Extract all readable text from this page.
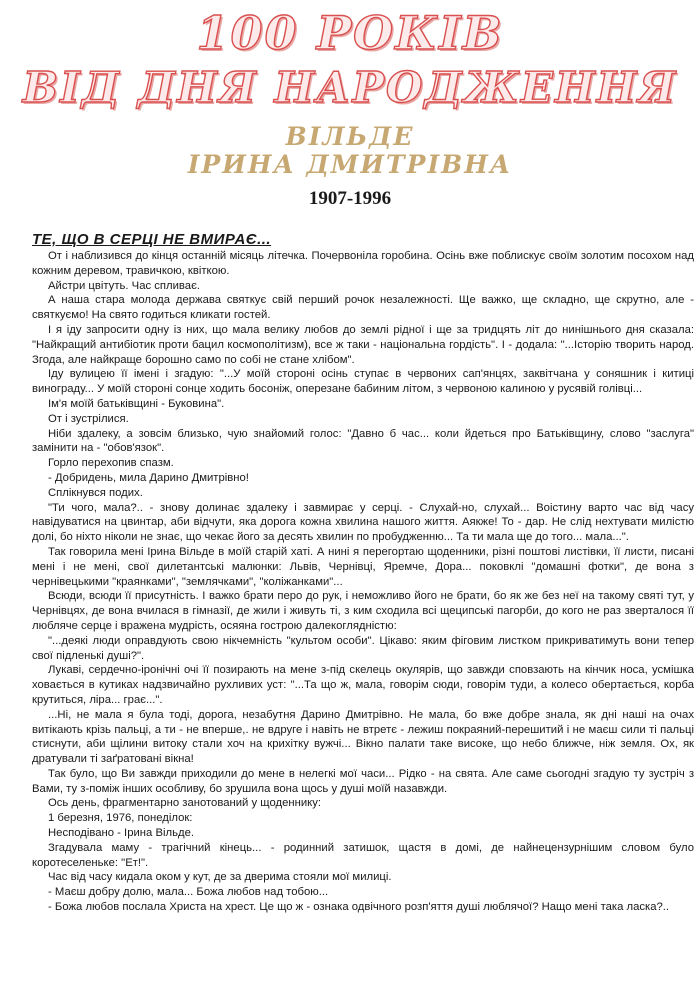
100 РОКІВ
ВІД ДНЯ НАРОДЖЕННЯ
ВІЛЬДЕ
ІРИНА ДМИТРІВНА
1907-1996
ТЕ, ЩО В СЕРЦІ НЕ ВМИРАЄ...

От і наблизився до кінця останній місяць літечка. Почервоніла горобина. Осінь вже поблискує своїм золотим посохом над кожним деревом, травичкою, квіткою.

Айстри цвітуть. Час спливає.

А наша стара молода держава святкує свій перший рочок незалежності. Ще важко, ще складно, ще скрутно, але - святкуємо! На свято годиться кликати гостей.

І я іду запросити одну із них, що мала велику любов до землі рідної і ще за тридцять літ до нинішнього дня сказала: "Найкращий антибіотик проти бацил космополітизм), все ж таки - національна гордість". І - додала: "...Історію творить народ. Згода, але найкраще борошно само по собі не стане хлібом".

Іду вулицею її імені і згадую: "...У моїй стороні осінь ступає в червоних сап'янцях, заквітчана у соняшник і китиці винограду... У моїй стороні сонце ходить босоніж, оперезане бабиним літом, з червоною калиною у русявій голівці...

Ім'я моїй батьківщині - Буковина".

От і зустрілися.

Ніби здалеку, а зовсім близько, чую знайомий голос: "Давно б час... коли йдеться про Батьківщину, слово "заслуга" замінити на - "обов'язок".

Горло перехопив спазм.

- Добридень, мила Дарино Дмитрівно!

Сплікнувся подих.

"Ти чого, мала?.. - знову долинає здалеку і завмирає у серці. - Слухай-но, слухай... Воістину варто час від часу навідуватися на цвинтар, аби відчути, яка дорога кожна хвилина нашого життя. Аякже! То - дар. Не слід нехтувати милістю долі, бо ніхто ніколи не знає, що чекає його за десять хвилин по пробудженню... Та ти мала ще до того... мала...".

Так говорила мені Ірина Вільде в моїй старій хаті. А нині я перегортаю щоденники, різні поштові листівки, її листи, писані мені і не мені, свої дилетантські малюнки: Львів, Чернівці, Яремче, Дора... поковклі "домашні фотки", де вона з чернівецькими "краянками", "землячками", "коліжанками"...

Всюди, всюди її присутність. І важко брати перо до рук, і неможливо його не брати, бо як же без неї на такому святі тут, у Чернівцях, де вона вчилася в гімназії, де жили і живуть ті, з ким сходила всі щеципські пагорби, до кого не раз зверталося її любляче серце і вражена мудрість, осяяна гострою далекоглядністю:

"...деякі люди оправдують свою нікчемність "культом особи". Цікаво: яким фіговим листком прикриватимуть вони тепер свої підленькі душі?".

Лукаві, сердечно-іронічні очі її позирають на мене з-під скелець окулярів, що завжди сповзають на кінчик носа, усмішка ховається в кутиках надзвичайно рухливих уст: "...Та що ж, мала, говорім сюди, говорім туди, а колесо обертається, корба крутиться, ліра... грає...".

...Ні, не мала я була тоді, дорога, незабутня Дарино Дмитрівно. Не мала, бо вже добре знала, як дні наші на очах витікають крізь пальці, а ти - не вперше,. не вдруге і навіть не втретє - лежиш покраяний-перешитий і не маєш сили ті пальці стиснути, аби щілини витоку стали хоч на крихітку вужчі... Вікно палати таке високе, що небо ближче, ніж земля. Ох, як дратували ті заґратовані вікна!

Так було, що Ви завжди приходили до мене в нелегкі мої часи... Рідко - на свята. Але саме сьогодні згадую ту зустріч з Вами, ту з-поміж інших особливу, бо зрушила вона щось у душі моїй назавжди.

Ось день, фрагментарно занотований у щоденнику:

1 березня, 1976, понеділок:

Несподівано - Ірина Вільде.

Згадувала маму - трагічний кінець... - родинний затишок, щастя в домі, де найнецензурнішим словом було коротеселеньке: "Ет!".

Час від часу кидала оком у кут, де за дверима стояли мої милиці.

- Маєш добру долю, мала... Божа любов над тобою...

- Божа любов послала Христа на хрест. Це що ж - ознака одвічного розп'яття душі люблячої? Нащо мені така ласка?..
